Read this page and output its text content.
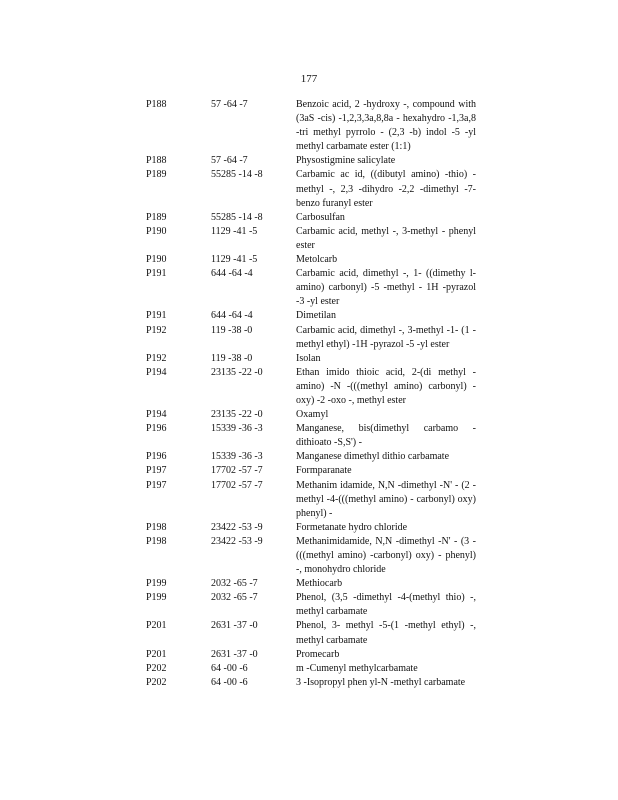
177
P188	57 -64 -7	Benzoic acid, 2 -hydroxy -, compound with (3aS -cis) -1,2,3,3a,8,8a - hexahydro -1,3a,8 -tri methyl pyrrolo - (2,3 -b) indol -5 -yl methyl carbamate ester (1:1)
P188	57 -64 -7	Physostigmine salicylate
P189	55285 -14 -8	Carbamic ac id, ((dibutyl amino) -thio) - methyl -, 2,3 -dihydro -2,2 -dimethyl -7- benzo furanyl ester
P189	55285 -14 -8	Carbosulfan
P190	1129 -41 -5	Carbamic acid, methyl -, 3-methyl - phenyl ester
P190	1129 -41 -5	Metolcarb
P191	644 -64 -4	Carbamic acid, dimethyl -, 1- ((dimethy l-amino) carbonyl) -5 -methyl - 1H -pyrazol -3 -yl ester
P191	644 -64 -4	Dimetilan
P192	119 -38 -0	Carbamic acid, dimethyl -, 3-methyl -1- (1 -methyl ethyl) -1H -pyrazol -5 -yl ester
P192	119 -38 -0	Isolan
P194	23135 -22 -0	Ethan imido thioic acid, 2-(di methyl - amino) -N -(((methyl amino) carbonyl) - oxy) -2 -oxo -, methyl ester
P194	23135 -22 -0	Oxamyl
P196	15339 -36 -3	Manganese, bis(dimethyl carbamo - dithioato -S,S') -
P196	15339 -36 -3	Manganese dimethyl dithio carbamate
P197	17702 -57 -7	Formparanate
P197	17702 -57 -7	Methanim idamide, N,N -dimethyl -N' - (2 -methyl -4-(((methyl amino) - carbonyl) oxy) phenyl) -
P198	23422 -53 -9	Formetanate hydro chloride
P198	23422 -53 -9	Methanimidamide, N,N -dimethyl -N' - (3 -(((methyl amino) -carbonyl) oxy) - phenyl) -, monohydro chloride
P199	2032 -65 -7	Methiocarb
P199	2032 -65 -7	Phenol, (3,5 -dimethyl -4-(methyl thio) -, methyl carbamate
P201	2631 -37 -0	Phenol, 3- methyl -5-(1 -methyl ethyl) -, methyl carbamate
P201	2631 -37 -0	Promecarb
P202	64 -00 -6	m -Cumenyl methylcarbamate
P202	64 -00 -6	3 -Isopropyl phen yl-N -methyl carbamate
